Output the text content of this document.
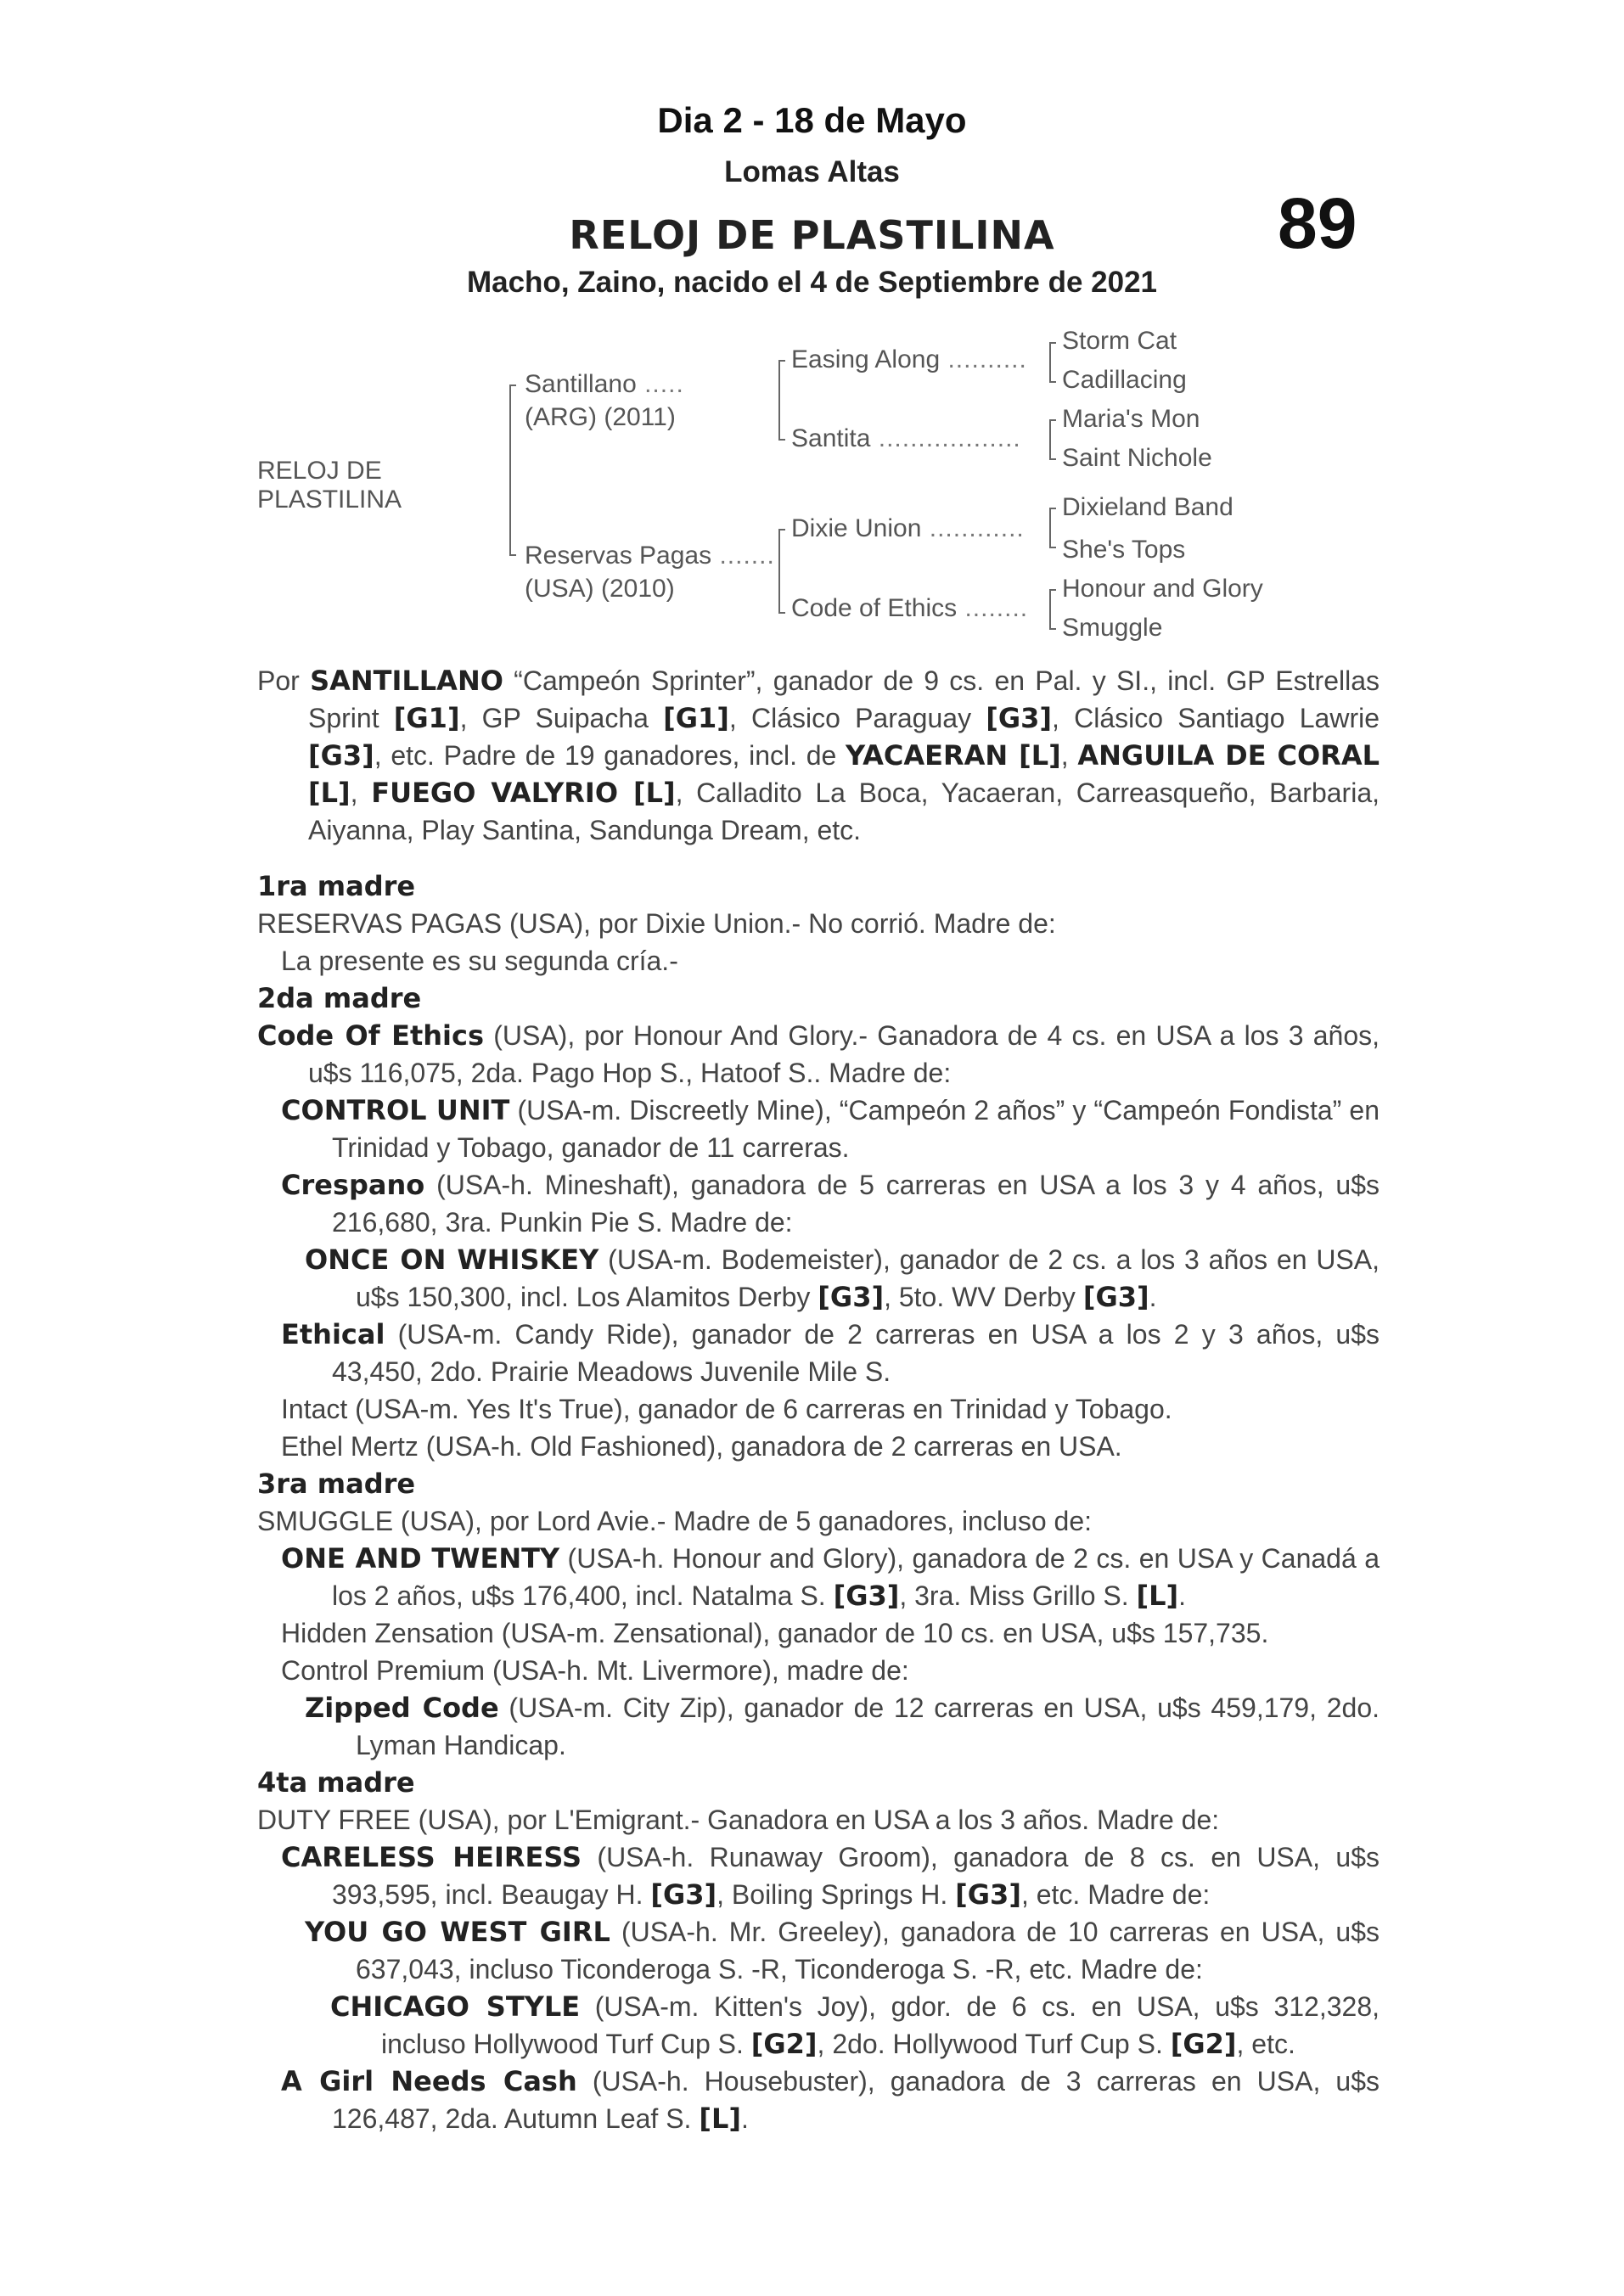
Dia 2 - 18 de Mayo
Lomas Altas
89
RELOJ DE PLASTILINA
Macho, Zaino, nacido el 4 de Septiembre de 2021
RELOJ DE
PLASTILINA
Santillano .....
(ARG) (2011)
Reservas Pagas .......
(USA) (2010)
Easing Along ..........
Santita ..................
Dixie Union ............
Code of Ethics ........
Storm Cat
Cadillacing
Maria's Mon
Saint Nichole
Dixieland Band
She's Tops
Honour and Glory
Smuggle

Por SANTILLANO “Campeón Sprinter”, ganador de 9 cs. en Pal. y SI., incl. GP Estrellas Sprint [G1], GP Suipacha [G1], Clásico Paraguay [G3], Clásico Santiago Lawrie [G3], etc. Padre de 19 ganadores, incl. de YACAERAN [L], ANGUILA DE CORAL [L], FUEGO VALYRIO [L], Calladito La Boca, Yacaeran, Carreasqueño, Barbaria, Aiyanna, Play Santina, Sandunga Dream, etc.

1ra madre

RESERVAS PAGAS (USA), por Dixie Union.- No corrió. Madre de:

La presente es su segunda cría.-

2da madre

Code Of Ethics (USA), por Honour And Glory.- Ganadora de 4 cs. en USA a los 3 años, u$s 116,075, 2da. Pago Hop S., Hatoof S.. Madre de:

CONTROL UNIT (USA-m. Discreetly Mine), “Campeón 2 años” y “Campeón Fondista” en Trinidad y Tobago, ganador de 11 carreras.

Crespano (USA-h. Mineshaft), ganadora de 5 carreras en USA a los 3 y 4 años, u$s 216,680, 3ra. Punkin Pie S. Madre de:

ONCE ON WHISKEY (USA-m. Bodemeister), ganador de 2 cs. a los 3 años en USA, u$s 150,300, incl. Los Alamitos Derby [G3], 5to. WV Derby [G3].

Ethical (USA-m. Candy Ride), ganador de 2 carreras en USA a los 2 y 3 años, u$s 43,450, 2do. Prairie Meadows Juvenile Mile S.

Intact (USA-m. Yes It's True), ganador de 6 carreras en Trinidad y Tobago.

Ethel Mertz (USA-h. Old Fashioned), ganadora de 2 carreras en USA.

3ra madre

SMUGGLE (USA), por Lord Avie.- Madre de 5 ganadores, incluso de:

ONE AND TWENTY (USA-h. Honour and Glory), ganadora de 2 cs. en USA y Canadá a los 2 años, u$s 176,400, incl. Natalma S. [G3], 3ra. Miss Grillo S. [L].

Hidden Zensation (USA-m. Zensational), ganador de 10 cs. en USA, u$s 157,735.

Control Premium (USA-h. Mt. Livermore), madre de:

Zipped Code (USA-m. City Zip), ganador de 12 carreras en USA, u$s 459,179, 2do. Lyman Handicap.

4ta madre

DUTY FREE (USA), por L'Emigrant.- Ganadora en USA a los 3 años. Madre de:

CARELESS HEIRESS (USA-h. Runaway Groom), ganadora de 8 cs. en USA, u$s 393,595, incl. Beaugay H. [G3], Boiling Springs H. [G3], etc. Madre de:

YOU GO WEST GIRL (USA-h. Mr. Greeley), ganadora de 10 carreras en USA, u$s 637,043, incluso Ticonderoga S. -R, Ticonderoga S. -R, etc. Madre de:

CHICAGO STYLE (USA-m. Kitten's Joy), gdor. de 6 cs. en USA, u$s 312,328, incluso Hollywood Turf Cup S. [G2], 2do. Hollywood Turf Cup S. [G2], etc.

A Girl Needs Cash (USA-h. Housebuster), ganadora de 3 carreras en USA, u$s 126,487, 2da. Autumn Leaf S. [L].
